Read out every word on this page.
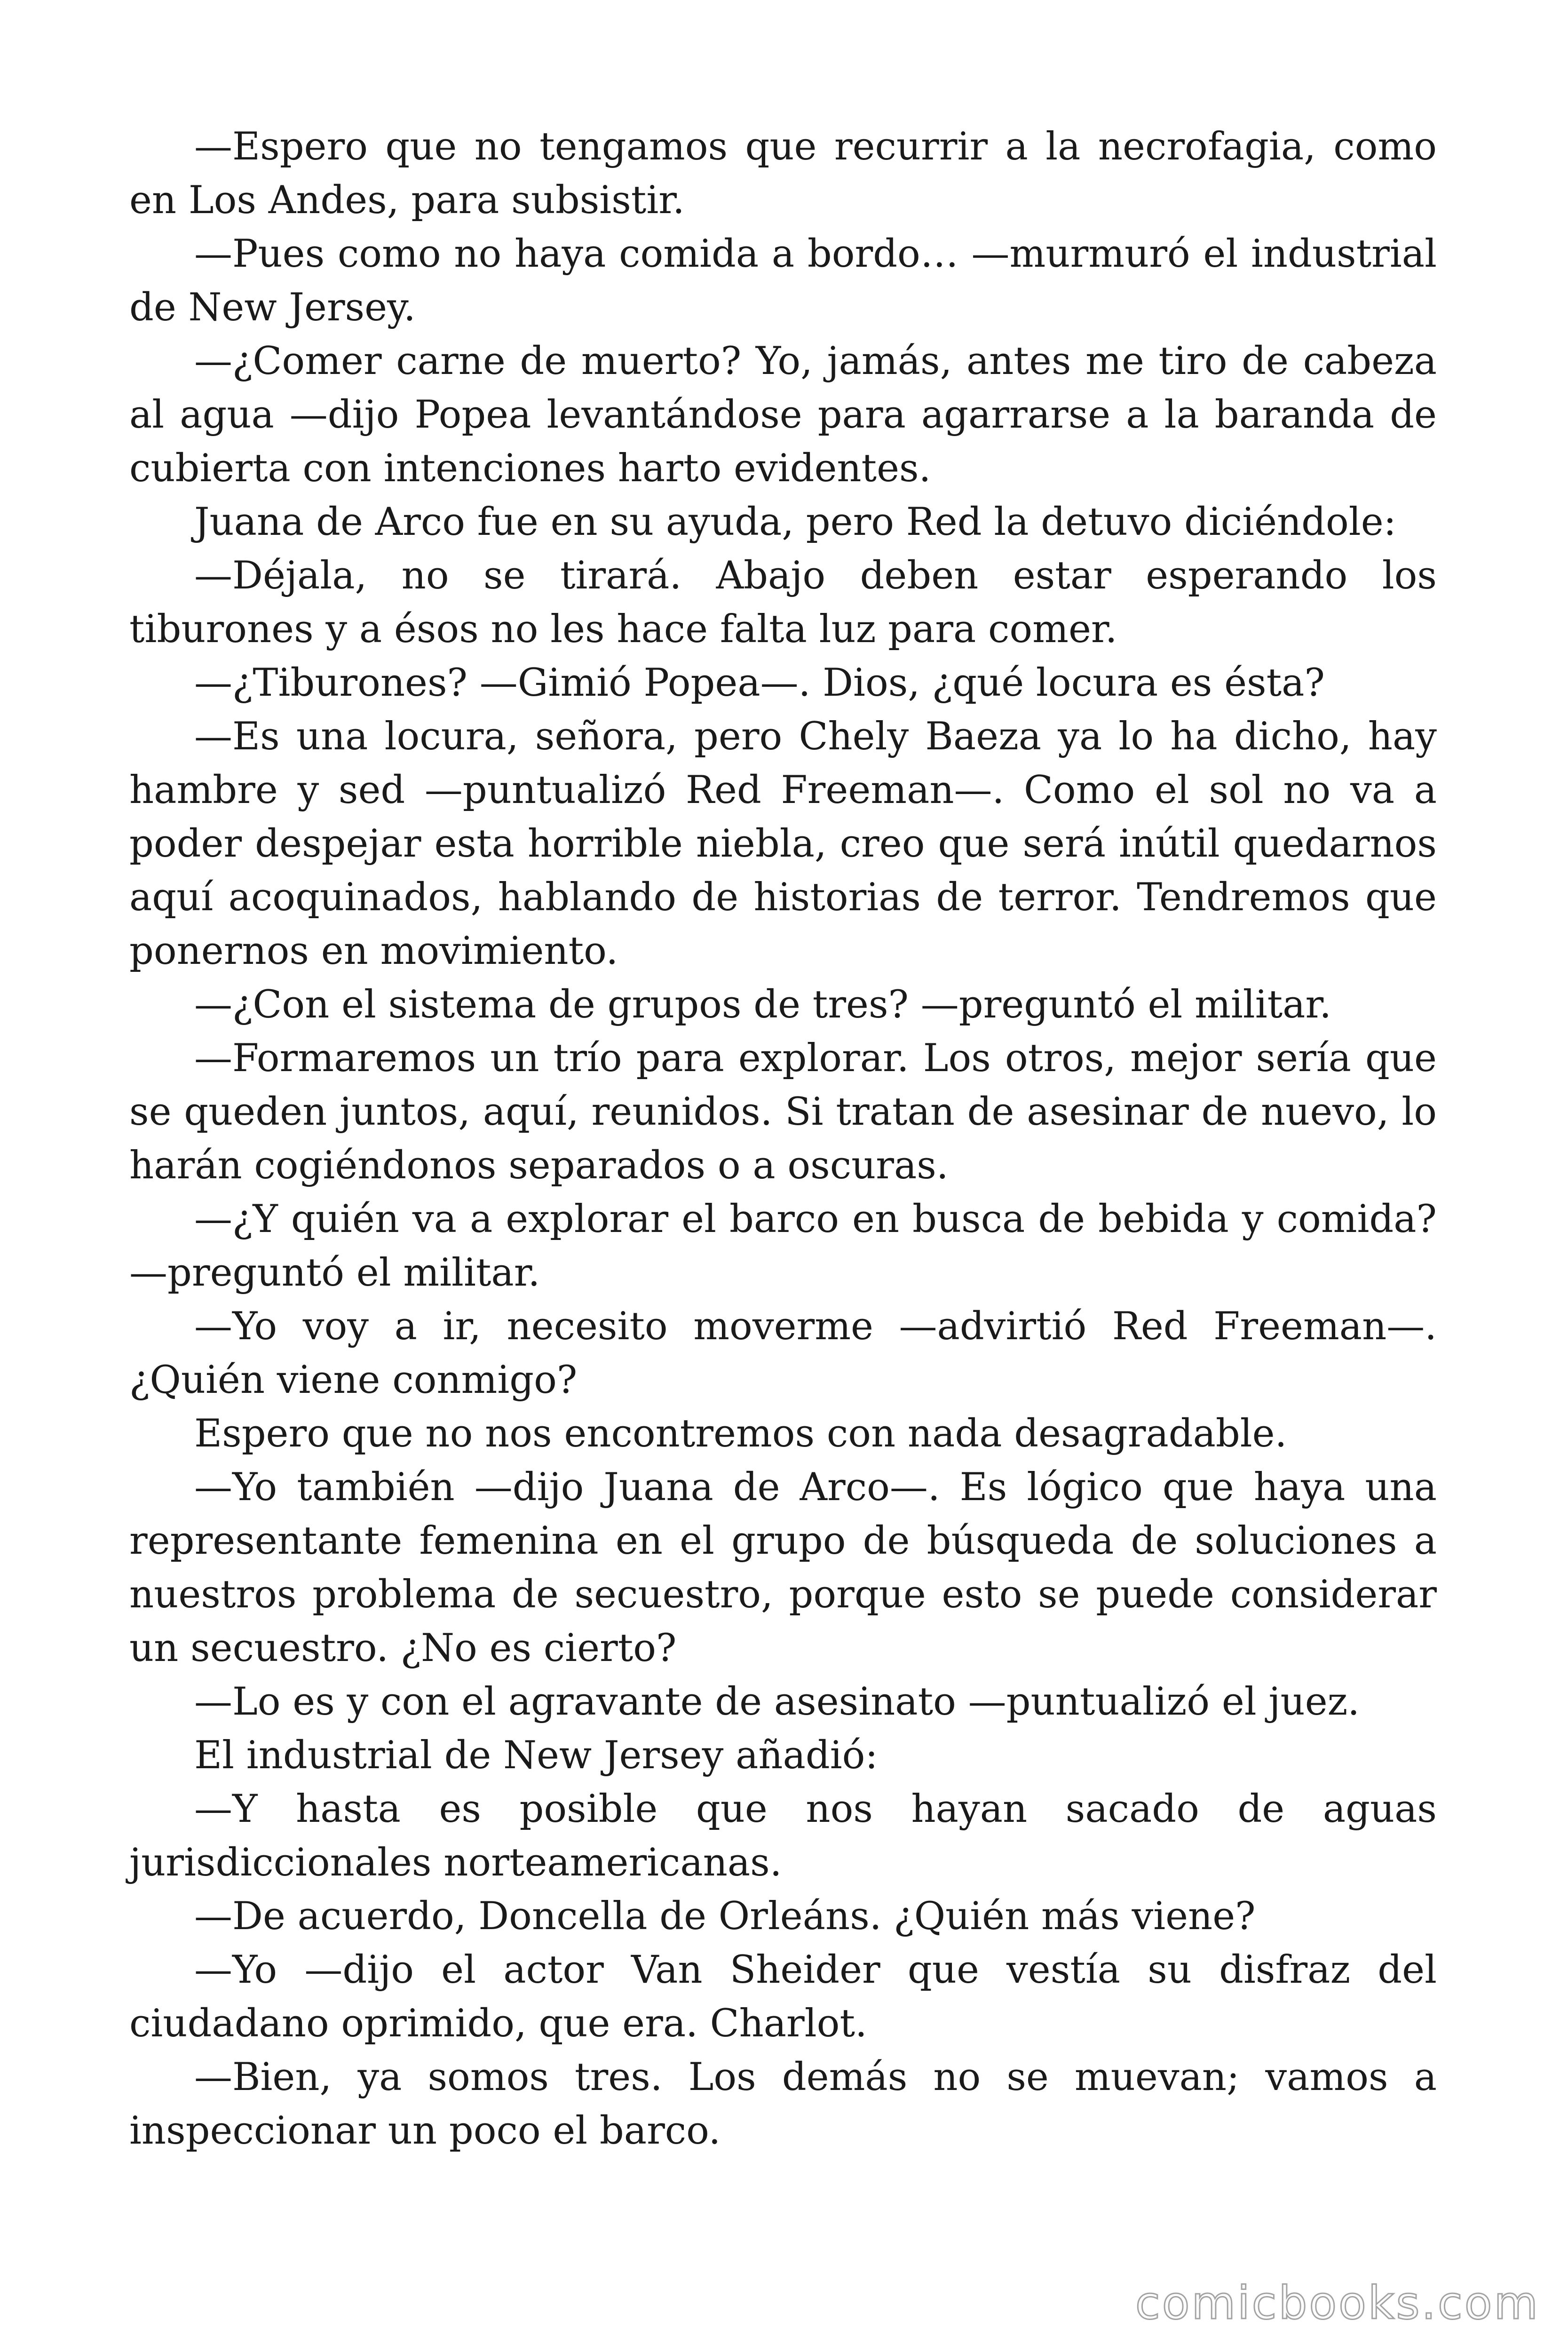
—Espero que no tengamos que recurrir a la necrofagia, como en Los Andes, para subsistir.

—Pues como no haya comida a bordo… —murmuró el industrial de New Jersey.

—¿Comer carne de muerto? Yo, jamás, antes me tiro de cabeza al agua —dijo Popea levantándose para agarrarse a la baranda de cubierta con intenciones harto evidentes.

Juana de Arco fue en su ayuda, pero Red la detuvo diciéndole:

—Déjala, no se tirará. Abajo deben estar esperando los tiburones y a ésos no les hace falta luz para comer.

—¿Tiburones? —Gimió Popea—. Dios, ¿qué locura es ésta?

—Es una locura, señora, pero Chely Baeza ya lo ha dicho, hay hambre y sed —puntualizó Red Freeman—. Como el sol no va a poder despejar esta horrible niebla, creo que será inútil quedarnos aquí acoquinados, hablando de historias de terror. Tendremos que ponernos en movimiento.

—¿Con el sistema de grupos de tres? —preguntó el militar.

—Formaremos un trío para explorar. Los otros, mejor sería que se queden juntos, aquí, reunidos. Si tratan de asesinar de nuevo, lo harán cogiéndonos separados o a oscuras.

—¿Y quién va a explorar el barco en busca de bebida y comida? —preguntó el militar.

—Yo voy a ir, necesito moverme —advirtió Red Freeman—. ¿Quién viene conmigo?

Espero que no nos encontremos con nada desagradable.

—Yo también —dijo Juana de Arco—. Es lógico que haya una representante femenina en el grupo de búsqueda de soluciones a nuestros problema de secuestro, porque esto se puede considerar un secuestro. ¿No es cierto?

—Lo es y con el agravante de asesinato —puntualizó el juez.

El industrial de New Jersey añadió:

—Y hasta es posible que nos hayan sacado de aguas jurisdiccionales norteamericanas.

—De acuerdo, Doncella de Orleáns. ¿Quién más viene?

—Yo —dijo el actor Van Sheider que vestía su disfraz del ciudadano oprimido, que era. Charlot.

—Bien, ya somos tres. Los demás no se muevan; vamos a inspeccionar un poco el barco.

comicbooks.com
